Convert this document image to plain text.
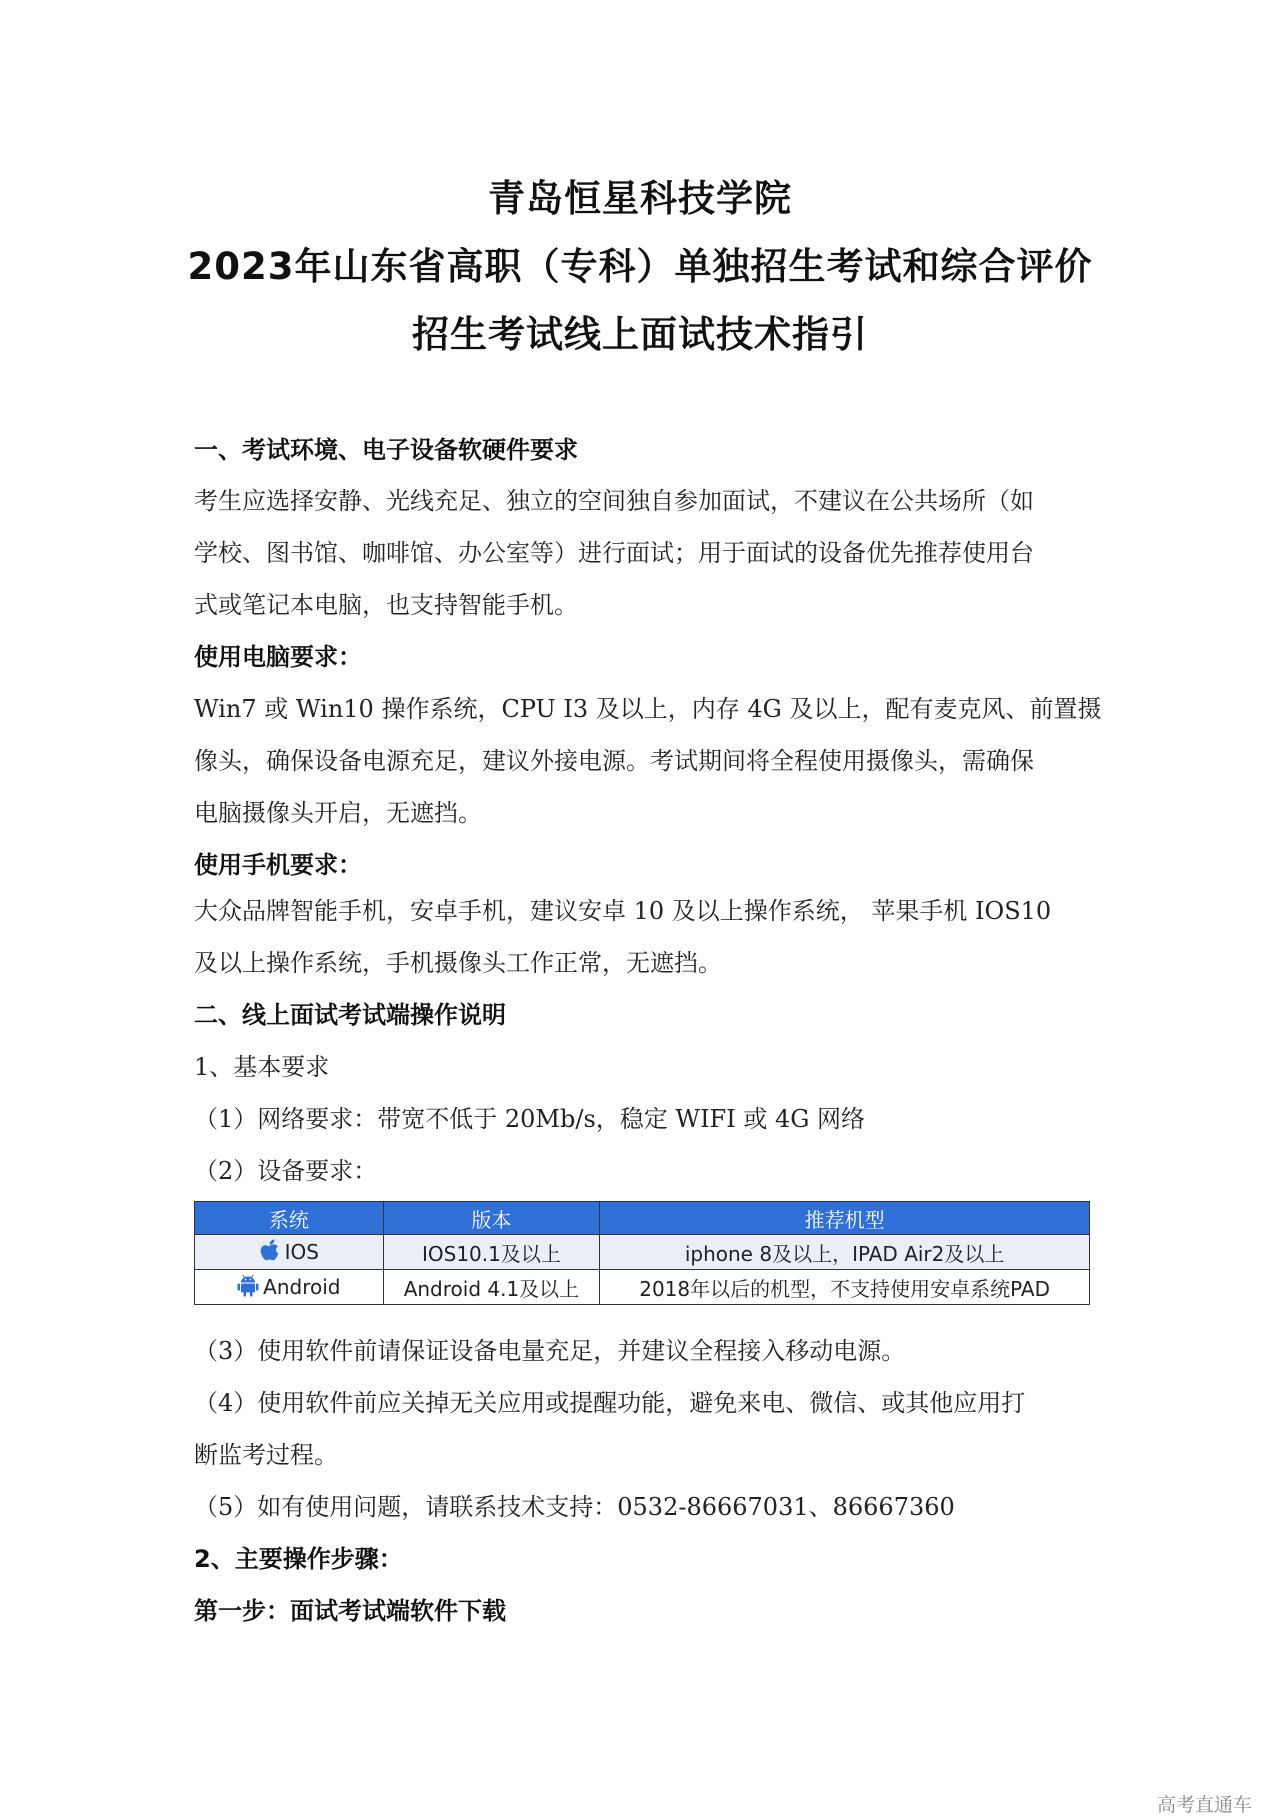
青岛恒星科技学院
2023年山东省高职（专科）单独招生考试和综合评价
招生考试线上面试技术指引
一、考试环境、电子设备软硬件要求
考生应选择安静、光线充足、独立的空间独自参加面试，不建议在公共场所（如
学校、图书馆、咖啡馆、办公室等）进行面试；用于面试的设备优先推荐使用台
式或笔记本电脑，也支持智能手机。
使用电脑要求：
Win7 或 Win10 操作系统，CPU I3 及以上，内存 4G 及以上，配有麦克风、前置摄
像头，确保设备电源充足，建议外接电源。考试期间将全程使用摄像头，需确保
电脑摄像头开启，无遮挡。
使用手机要求：
大众品牌智能手机，安卓手机，建议安卓 10 及以上操作系统， 苹果手机 IOS10
及以上操作系统，手机摄像头工作正常，无遮挡。
二、线上面试考试端操作说明
1、基本要求
（1）网络要求：带宽不低于 20Mb/s，稳定 WIFI 或 4G 网络
（2）设备要求：
系统	版本	推荐机型
IOS	IOS10.1及以上	iphone 8及以上，IPAD Air2及以上
Android	Android 4.1及以上	2018年以后的机型，不支持使用安卓系统PAD
（3）使用软件前请保证设备电量充足，并建议全程接入移动电源。
（4）使用软件前应关掉无关应用或提醒功能，避免来电、微信、或其他应用打
断监考过程。
（5）如有使用问题，请联系技术支持：0532-86667031、86667360
2、主要操作步骤：
第一步：面试考试端软件下载
高考直通车
